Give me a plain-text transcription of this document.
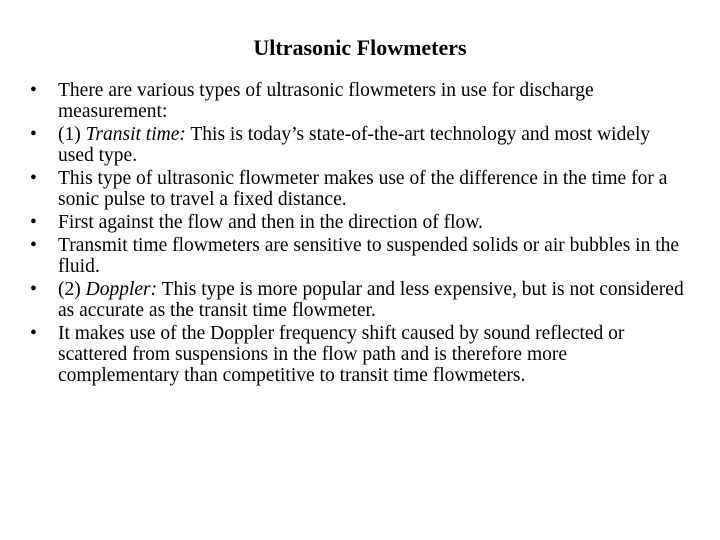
Ultrasonic Flowmeters
•	There are various types of ultrasonic flowmeters in use for discharge measurement:
•	(1) Transit time: This is today’s state-of-the-art technology and most widely used type.
•	This type of ultrasonic flowmeter makes use of the difference in the time for a sonic pulse to travel a fixed distance.
•	First against the flow and then in the direction of flow.
•	Transmit time flowmeters are sensitive to suspended solids or air bubbles in the fluid.
•	(2) Doppler: This type is more popular and less expensive, but is not considered as accurate as the transit time flowmeter.
•	It makes use of the Doppler frequency shift caused by sound reflected or scattered from suspensions in the flow path and is therefore more complementary than competitive to transit time flowmeters.
